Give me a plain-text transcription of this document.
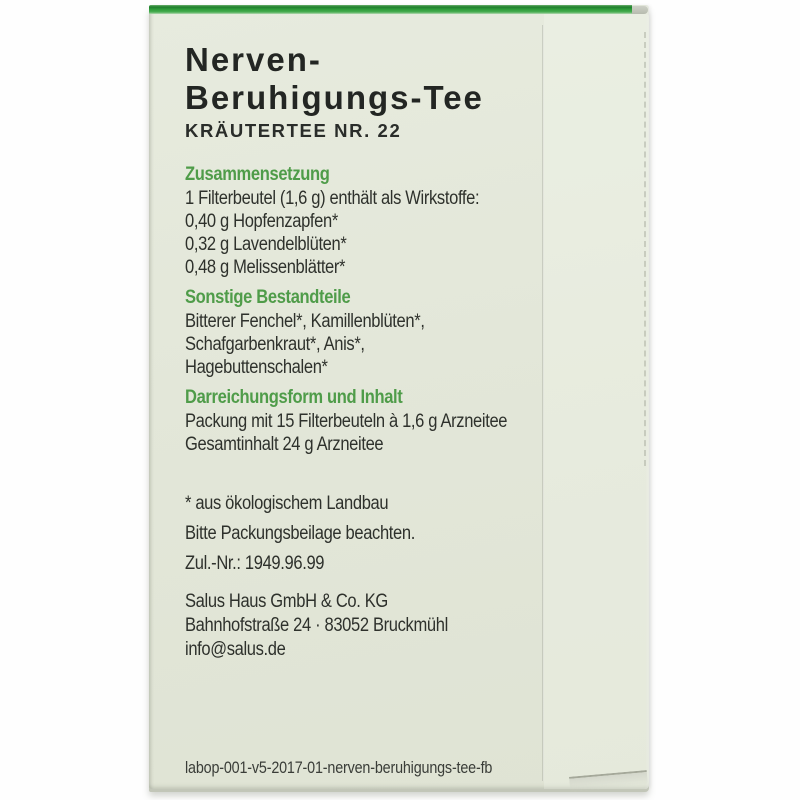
Nerven-
Beruhigungs-Tee
KRÄUTERTEE NR. 22
Zusammensetzung
1 Filterbeutel (1,6 g) enthält als Wirkstoffe:
0,40 g Hopfenzapfen*
0,32 g Lavendelblüten*
0,48 g Melissenblätter*
Sonstige Bestandteile
Bitterer Fenchel*, Kamillenblüten*,
Schafgarbenkraut*, Anis*,
Hagebuttenschalen*
Darreichungsform und Inhalt
Packung mit 15 Filterbeuteln à 1,6 g Arzneitee
Gesamtinhalt 24 g Arzneitee

* aus ökologischem Landbau

Bitte Packungsbeilage beachten.

Zul.-Nr.: 1949.96.99

Salus Haus GmbH & Co. KG
Bahnhofstraße 24 · 83052 Bruckmühl
info@salus.de
labop-001-v5-2017-01-nerven-beruhigungs-tee-fb
